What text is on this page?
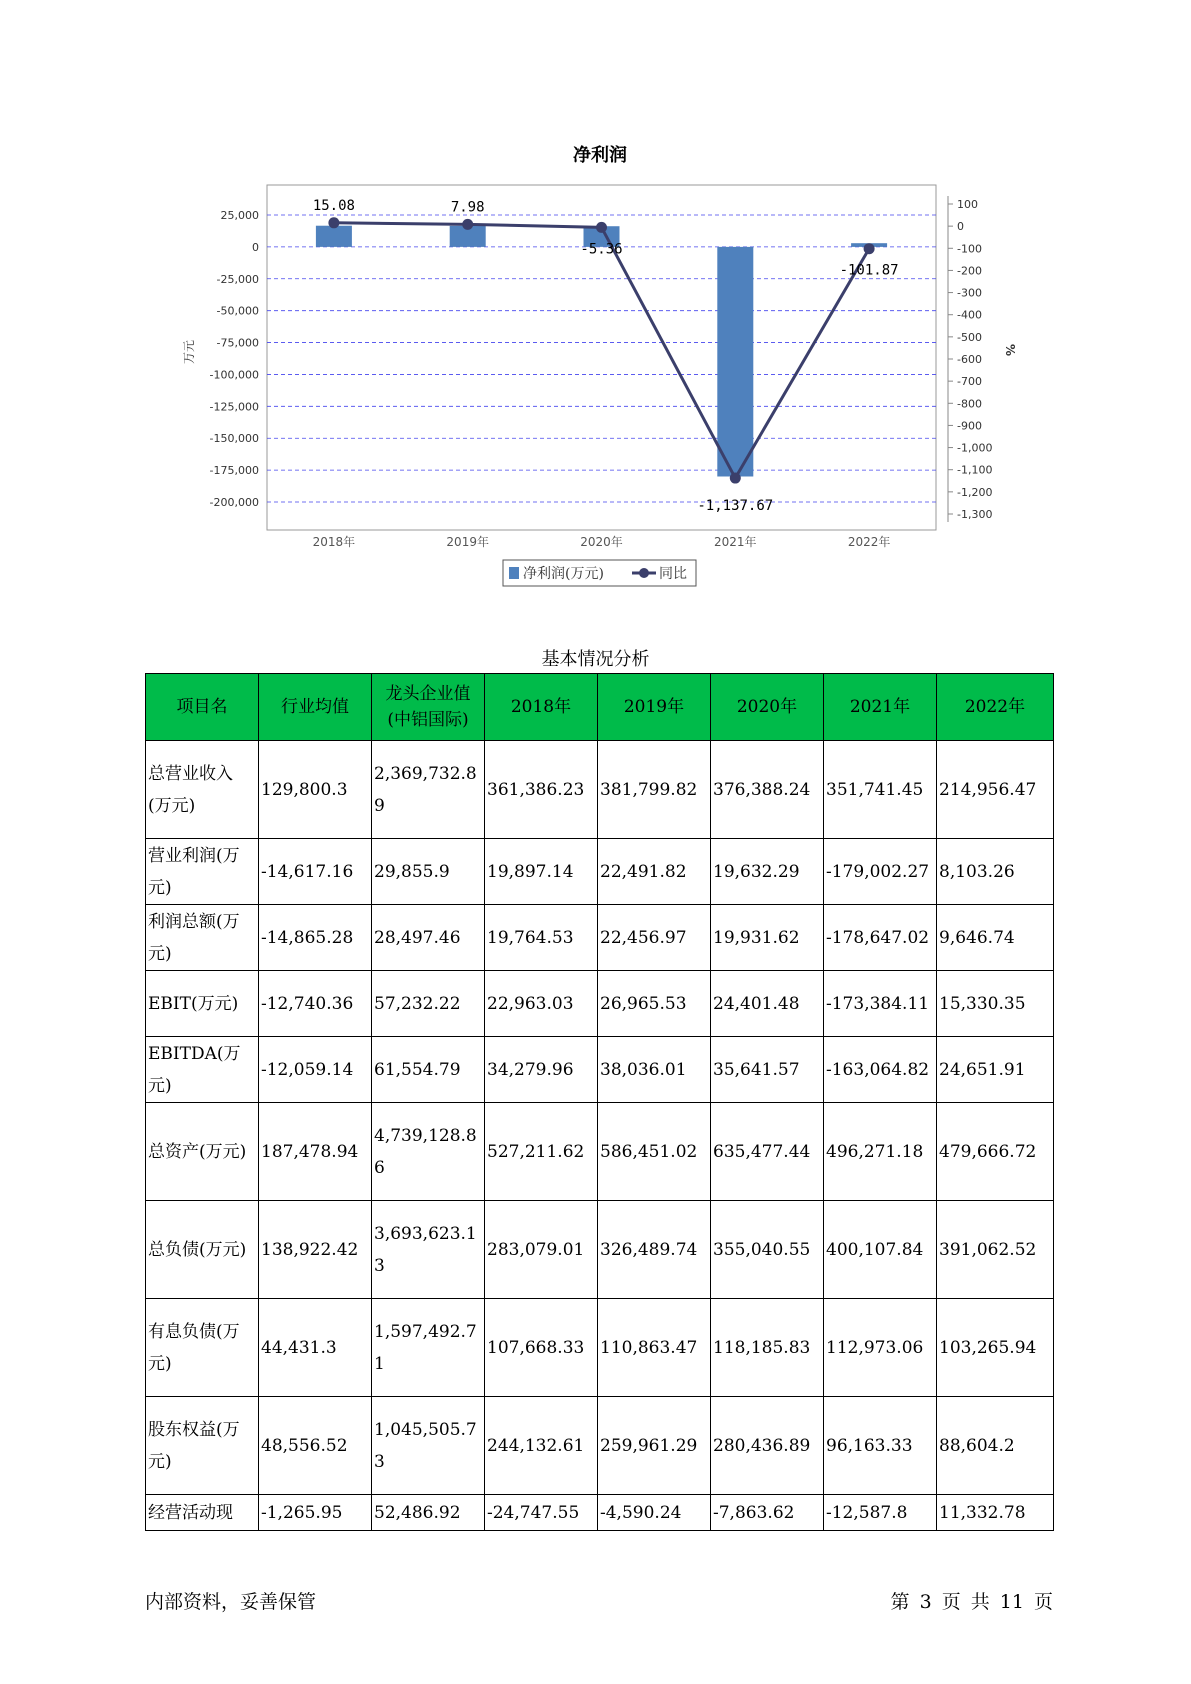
净利润
25,000
0
-25,000
-50,000
-75,000
-100,000
-125,000
-150,000
-175,000
-200,000
100
0
-100
-200
-300
-400
-500
-600
-700
-800
-900
-1,000
-1,100
-1,200
-1,300
万元	%
2018年	2019年	2020年	2021年	2022年
15.08	7.98
-5.36
-1,137.67
-101.87
净利润(万元)	同比
基本情况分析
项目名	行业均值	龙头企业值(中铝国际)	2018年	2019年	2020年	2021年	2022年
总营业收入(万元)	129,800.3	2,369,732.89	361,386.23	381,799.82	376,388.24	351,741.45	214,956.47
营业利润(万元)	-14,617.16	29,855.9	19,897.14	22,491.82	19,632.29	-179,002.27	8,103.26
利润总额(万元)	-14,865.28	28,497.46	19,764.53	22,456.97	19,931.62	-178,647.02	9,646.74
EBIT(万元)	-12,740.36	57,232.22	22,963.03	26,965.53	24,401.48	-173,384.11	15,330.35
EBITDA(万元)	-12,059.14	61,554.79	34,279.96	38,036.01	35,641.57	-163,064.82	24,651.91
总资产(万元)	187,478.94	4,739,128.86	527,211.62	586,451.02	635,477.44	496,271.18	479,666.72
总负债(万元)	138,922.42	3,693,623.13	283,079.01	326,489.74	355,040.55	400,107.84	391,062.52
有息负债(万元)	44,431.3	1,597,492.71	107,668.33	110,863.47	118,185.83	112,973.06	103,265.94
股东权益(万元)	48,556.52	1,045,505.73	244,132.61	259,961.29	280,436.89	96,163.33	88,604.2
经营活动现	-1,265.95	52,486.92	-24,747.55	-4,590.24	-7,863.62	-12,587.8	11,332.78
内部资料，妥善保管	第 3 页 共 11 页
